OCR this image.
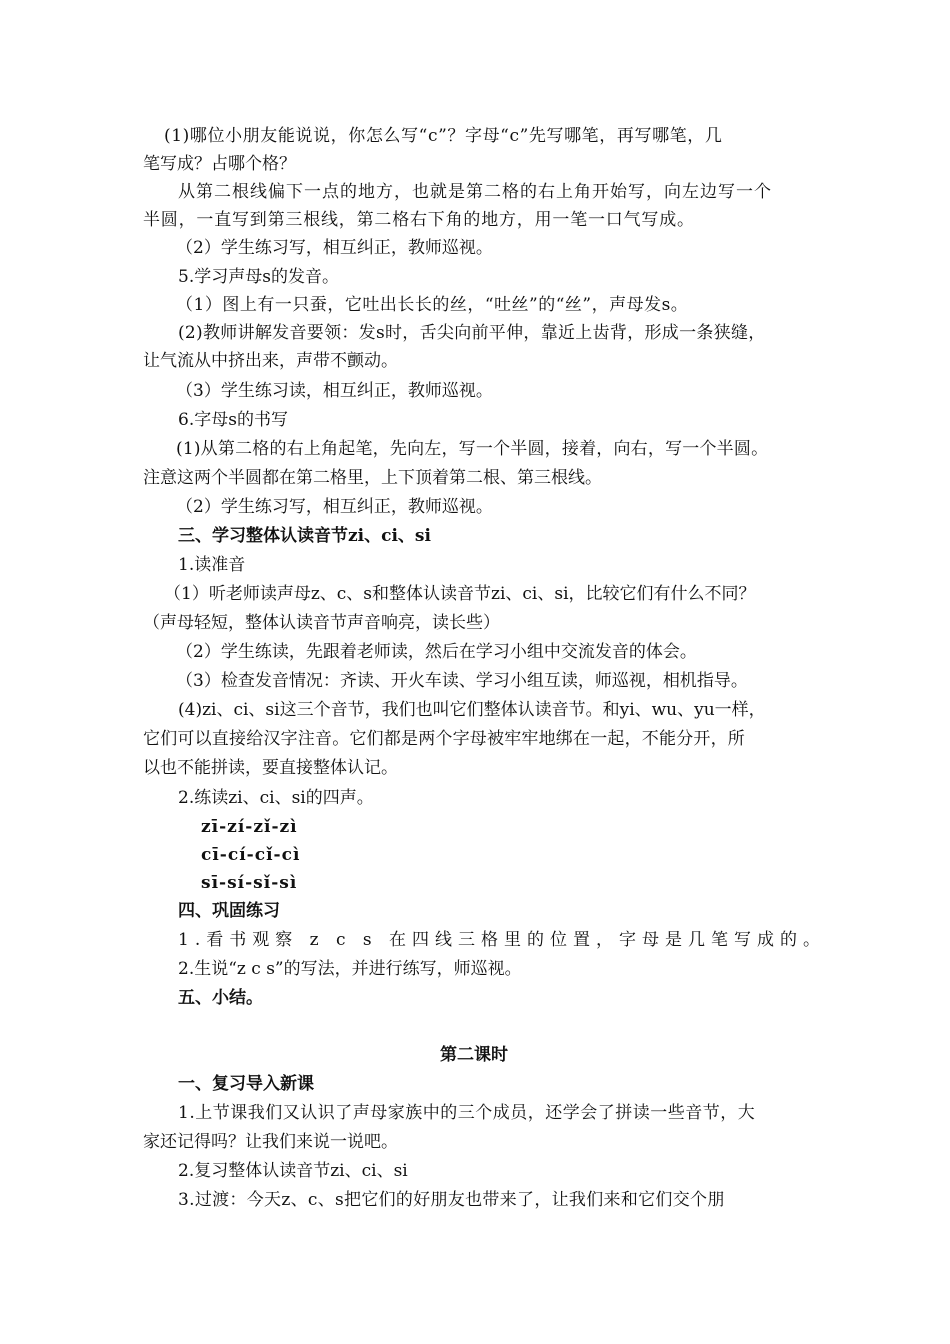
(1)哪位小朋友能说说，你怎么写“c”？字母“c”先写哪笔，再写哪笔，几
笔写成？占哪个格？
从第二根线偏下一点的地方，也就是第二格的右上角开始写，向左边写一个
半圆，一直写到第三根线，第二格右下角的地方，用一笔一口气写成。
（2）学生练习写，相互纠正，教师巡视。
5.学习声母s的发音。
（1）图上有一只蚕，它吐出长长的丝，“吐丝”的“丝”，声母发s。
(2)教师讲解发音要领：发s时，舌尖向前平伸，靠近上齿背，形成一条狭缝，
让气流从中挤出来，声带不颤动。
（3）学生练习读，相互纠正，教师巡视。
6.字母s的书写
(1)从第二格的右上角起笔，先向左，写一个半圆，接着，向右，写一个半圆。
注意这两个半圆都在第二格里，上下顶着第二根、第三根线。
（2）学生练习写，相互纠正，教师巡视。
三、学习整体认读音节zi、ci、si
1.读准音
（1）听老师读声母z、c、s和整体认读音节zi、ci、si，比较它们有什么不同？
（声母轻短，整体认读音节声音响亮，读长些）
（2）学生练读，先跟着老师读，然后在学习小组中交流发音的体会。
（3）检查发音情况：齐读、开火车读、学习小组互读，师巡视，相机指导。
(4)zi、ci、si这三个音节，我们也叫它们整体认读音节。和yi、wu、yu一样，
它们可以直接给汉字注音。它们都是两个字母被牢牢地绑在一起，不能分开，所
以也不能拼读，要直接整体认记。
2.练读zi、ci、si的四声。
zī-zí-zǐ-zì
cī-cí-cǐ-cì
sī-sí-sǐ-sì
四、巩固练习
1.看书观察 z c s 在四线三格里的位置，字母是几笔写成的。
2.生说“z c s”的写法，并进行练写，师巡视。
五、小结。
第二课时
一、复习导入新课
1.上节课我们又认识了声母家族中的三个成员，还学会了拼读一些音节，大
家还记得吗？让我们来说一说吧。
2.复习整体认读音节zi、ci、si
3.过渡：今天z、c、s把它们的好朋友也带来了，让我们来和它们交个朋
